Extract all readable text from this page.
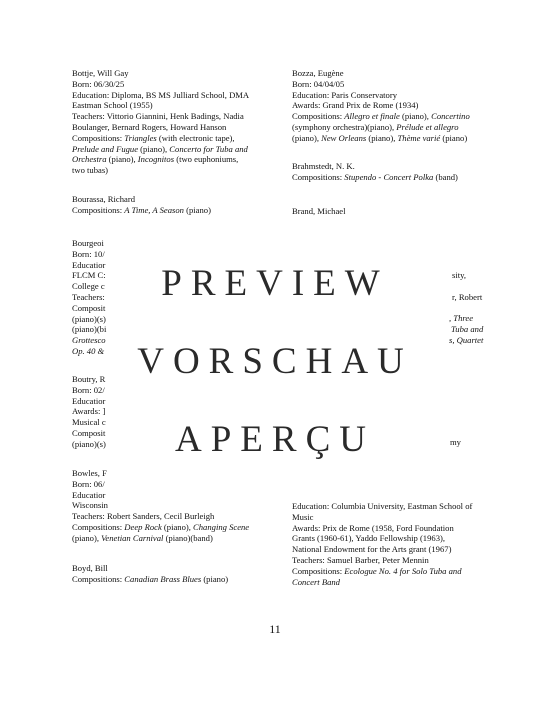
Bottje, Will Gay
Born: 06/30/25
Education: Diploma, BS MS Julliard School, DMA
Eastman School (1955)
Teachers: Vittorio Giannini, Henk Badings, Nadia
Boulanger, Bernard Rogers, Howard Hanson
Compositions: Triangles (with electronic tape),
Prelude and Fugue (piano), Concerto for Tuba and
Orchestra (piano), Incognitos (two euphoniums,
two tubas)
Bourassa, Richard
Compositions: A Time, A Season (piano)
Bourgeoi
Born: 10/
Educatior
FLCM C:
College c
Teachers:
Composit
(piano)(s)
(piano)(bi
Grottesco
Op. 40 &
Boutry, R
Born: 02/
Educatior
Awards: ]
Musical c
Composit
(piano)(s)
Bowles, F
Born: 06/
Educatior
Wisconsin
Teachers: Robert Sanders, Cecil Burleigh
Compositions: Deep Rock (piano), Changing Scene
(piano), Venetian Carnival (piano)(band)
Boyd, Bill
Compositions: Canadian Brass Blues (piano)
Bozza, Eugène
Born: 04/04/05
Education: Paris Conservatory
Awards: Grand Prix de Rome (1934)
Compositions: Allegro et finale (piano), Concertino
(symphony orchestra)(piano), Prélude et allegro
(piano), New Orleans (piano), Thème varié (piano)
Brahmstedt, N. K.
Compositions: Stupendo - Concert Polka (band)
Brand, Michael
sity,
r, Robert
, Three
Tuba and
s, Quartet
my
Education: Columbia University, Eastman School of
Music
Awards: Prix de Rome (1958, Ford Foundation
Grants (1960-61), Yaddo Fellowship (1963),
National Endowment for the Arts grant (1967)
Teachers: Samuel Barber, Peter Mennin
Compositions: Ecologue No. 4 for Solo Tuba and
Concert Band
PREVIEW
VORSCHAU
APERÇU
11
